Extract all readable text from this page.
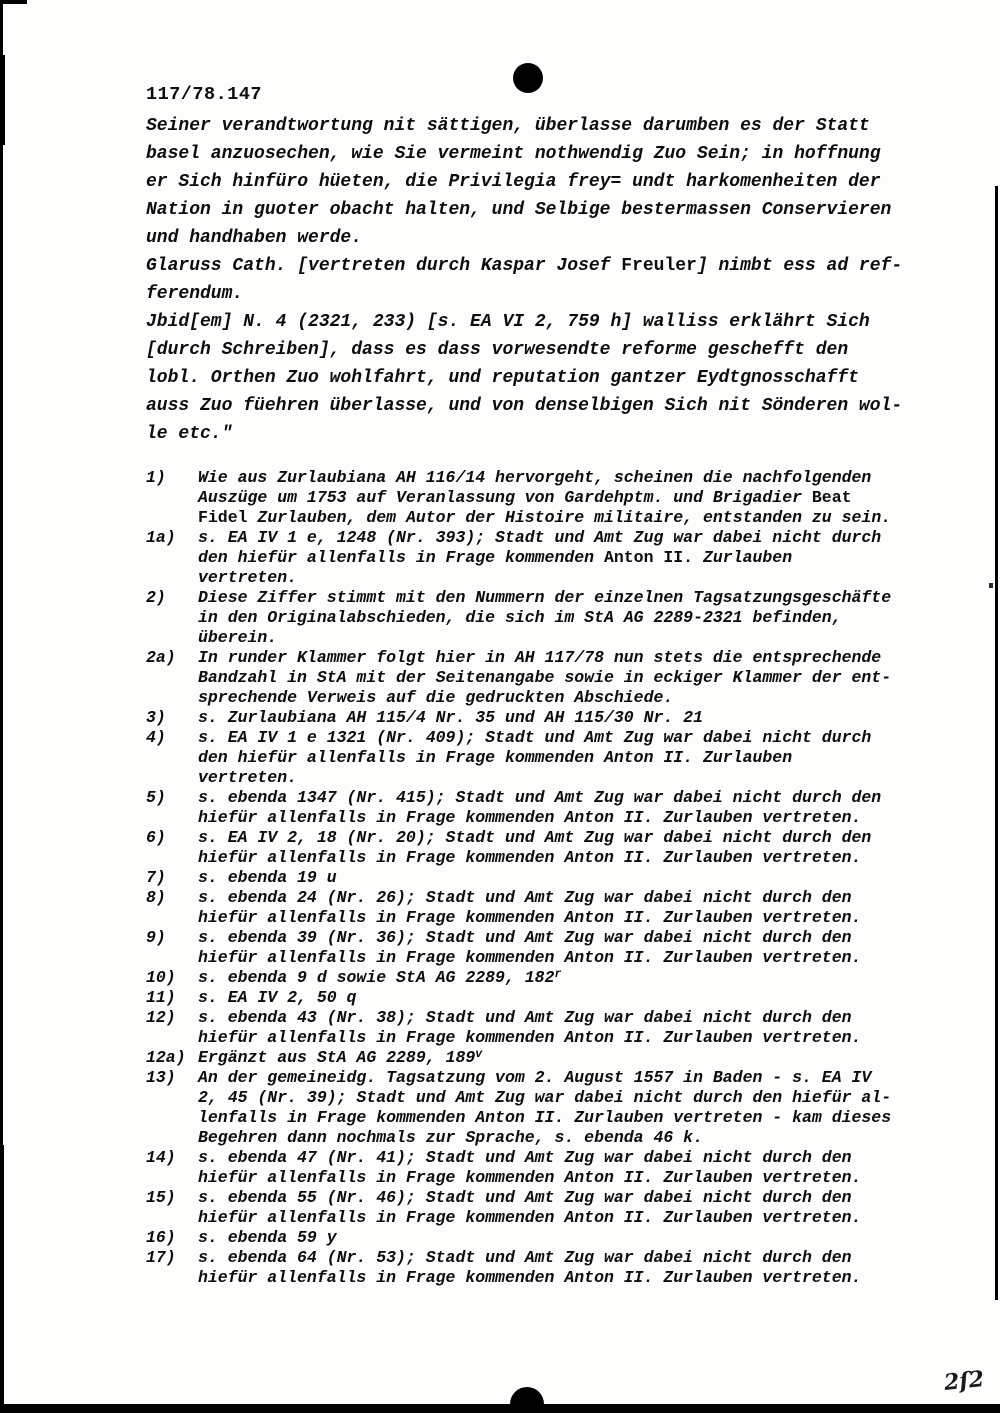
117/78.147
Seiner verandtwortung nit sättigen, überlasse darumben es der Statt
basel anzuosechen, wie Sie vermeint nothwendig Zuo Sein; in hoffnung
er Sich hinfüro hüeten, die Privilegia frey= undt harkomenheiten der
Nation in guoter obacht halten, und Selbige bestermassen Conservieren
und handhaben werde.
Glaruss Cath. [vertreten durch Kaspar Josef Freuler] nimbt ess ad ref-
ferendum.
Jbid[em] N. 4 (2321, 233) [s. EA VI 2, 759 h] walliss erklährt Sich
[durch Schreiben], dass es dass vorwesendte reforme geschefft den
lobl. Orthen Zuo wohlfahrt, und reputation gantzer Eydtgnosschafft
auss Zuo füehren überlasse, und von denselbigen Sich nit Sönderen wol-
le etc."
1)	Wie aus Zurlaubiana AH 116/14 hervorgeht, scheinen die nachfolgenden
Auszüge um 1753 auf Veranlassung von Gardehptm. und Brigadier Beat
Fidel Zurlauben, dem Autor der Histoire militaire, entstanden zu sein.
1a)	s. EA IV 1 e, 1248 (Nr. 393); Stadt und Amt Zug war dabei nicht durch
den hiefür allenfalls in Frage kommenden Anton II. Zurlauben
vertreten.
2)	Diese Ziffer stimmt mit den Nummern der einzelnen Tagsatzungsgeschäfte
in den Originalabschieden, die sich im StA AG 2289-2321 befinden,
überein.
2a)	In runder Klammer folgt hier in AH 117/78 nun stets die entsprechende
Bandzahl in StA mit der Seitenangabe sowie in eckiger Klammer der ent-
sprechende Verweis auf die gedruckten Abschiede.
3)	s. Zurlaubiana AH 115/4 Nr. 35 und AH 115/30 Nr. 21
4)	s. EA IV 1 e 1321 (Nr. 409); Stadt und Amt Zug war dabei nicht durch
den hiefür allenfalls in Frage kommenden Anton II. Zurlauben
vertreten.
5)	s. ebenda 1347 (Nr. 415); Stadt und Amt Zug war dabei nicht durch den
hiefür allenfalls in Frage kommenden Anton II. Zurlauben vertreten.
6)	s. EA IV 2, 18 (Nr. 20); Stadt und Amt Zug war dabei nicht durch den
hiefür allenfalls in Frage kommenden Anton II. Zurlauben vertreten.
7)	s. ebenda 19 u
8)	s. ebenda 24 (Nr. 26); Stadt und Amt Zug war dabei nicht durch den
hiefür allenfalls in Frage kommenden Anton II. Zurlauben vertreten.
9)	s. ebenda 39 (Nr. 36); Stadt und Amt Zug war dabei nicht durch den
hiefür allenfalls in Frage kommenden Anton II. Zurlauben vertreten.
10)	s. ebenda 9 d sowie StA AG 2289, 182$^r$
11)	s. EA IV 2, 50 q
12)	s. ebenda 43 (Nr. 38); Stadt und Amt Zug war dabei nicht durch den
hiefür allenfalls in Frage kommenden Anton II. Zurlauben vertreten.
12a) Ergänzt aus StA AG 2289, 189$^v$
13)	An der gemeineidg. Tagsatzung vom 2. August 1557 in Baden - s. EA IV
2, 45 (Nr. 39); Stadt und Amt Zug war dabei nicht durch den hiefür al-
lenfalls in Frage kommenden Anton II. Zurlauben vertreten - kam dieses
Begehren dann nochmals zur Sprache, s. ebenda 46 k.
14)	s. ebenda 47 (Nr. 41); Stadt und Amt Zug war dabei nicht durch den
hiefür allenfalls in Frage kommenden Anton II. Zurlauben vertreten.
15)	s. ebenda 55 (Nr. 46); Stadt und Amt Zug war dabei nicht durch den
hiefür allenfalls in Frage kommenden Anton II. Zurlauben vertreten.
16)	s. ebenda 59 y
17)	s. ebenda 64 (Nr. 53); Stadt und Amt Zug war dabei nicht durch den
hiefür allenfalls in Frage kommenden Anton II. Zurlauben vertreten.
2ſ2
